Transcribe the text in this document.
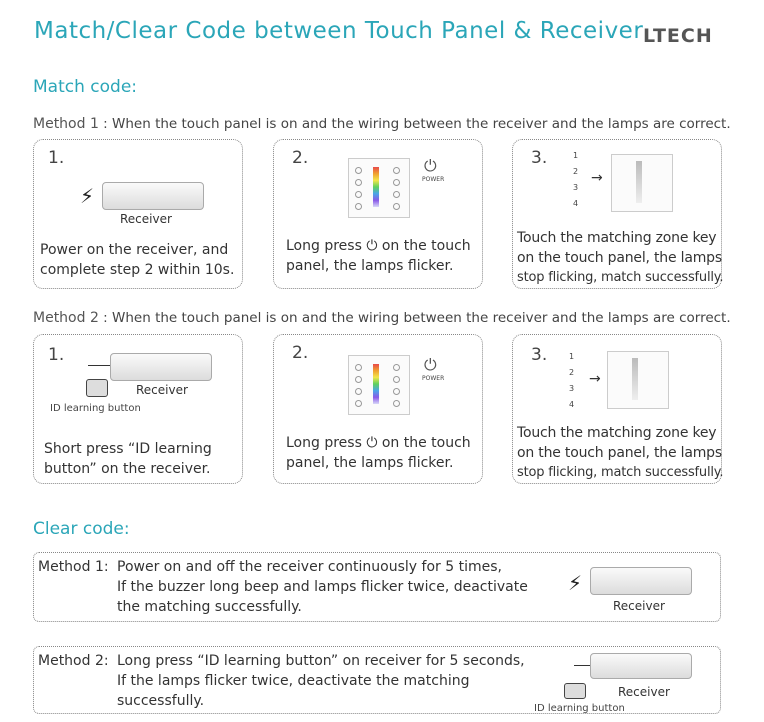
Match/Clear Code between Touch Panel & Receiver LTECH
Match code:
Method 1 : When the touch panel is on and the wiring between the receiver and the lamps are correct.
1.
⚡
Receiver
Power on the receiver, and
complete step 2 within 10s.
2.	⏻
POWER
Long press ⏻ on the touch
panel, the lamps flicker.
3.	1
2
3
4
→
Touch the matching zone key
on the touch panel, the lamps
stop flicking, match successfully.
Method 2 : When the touch panel is on and the wiring between the receiver and the lamps are correct.
1.
Receiver
ID learning button
Short press “ID learning
button” on the receiver.
2.
⏻
POWER
Long press ⏻ on the touch
panel, the lamps flicker.
3.	1
2
3
4
→
Touch the matching zone key
on the touch panel, the lamps
stop flicking, match successfully.
Clear code:
Method 1: Power on and off the receiver continuously for 5 times,
If the buzzer long beep and lamps flicker twice, deactivate
the matching successfully.
⚡
Receiver
Method 2: Long press “ID learning button” on receiver for 5 seconds,
If the lamps flicker twice, deactivate the matching
successfully.
Receiver
ID learning button
